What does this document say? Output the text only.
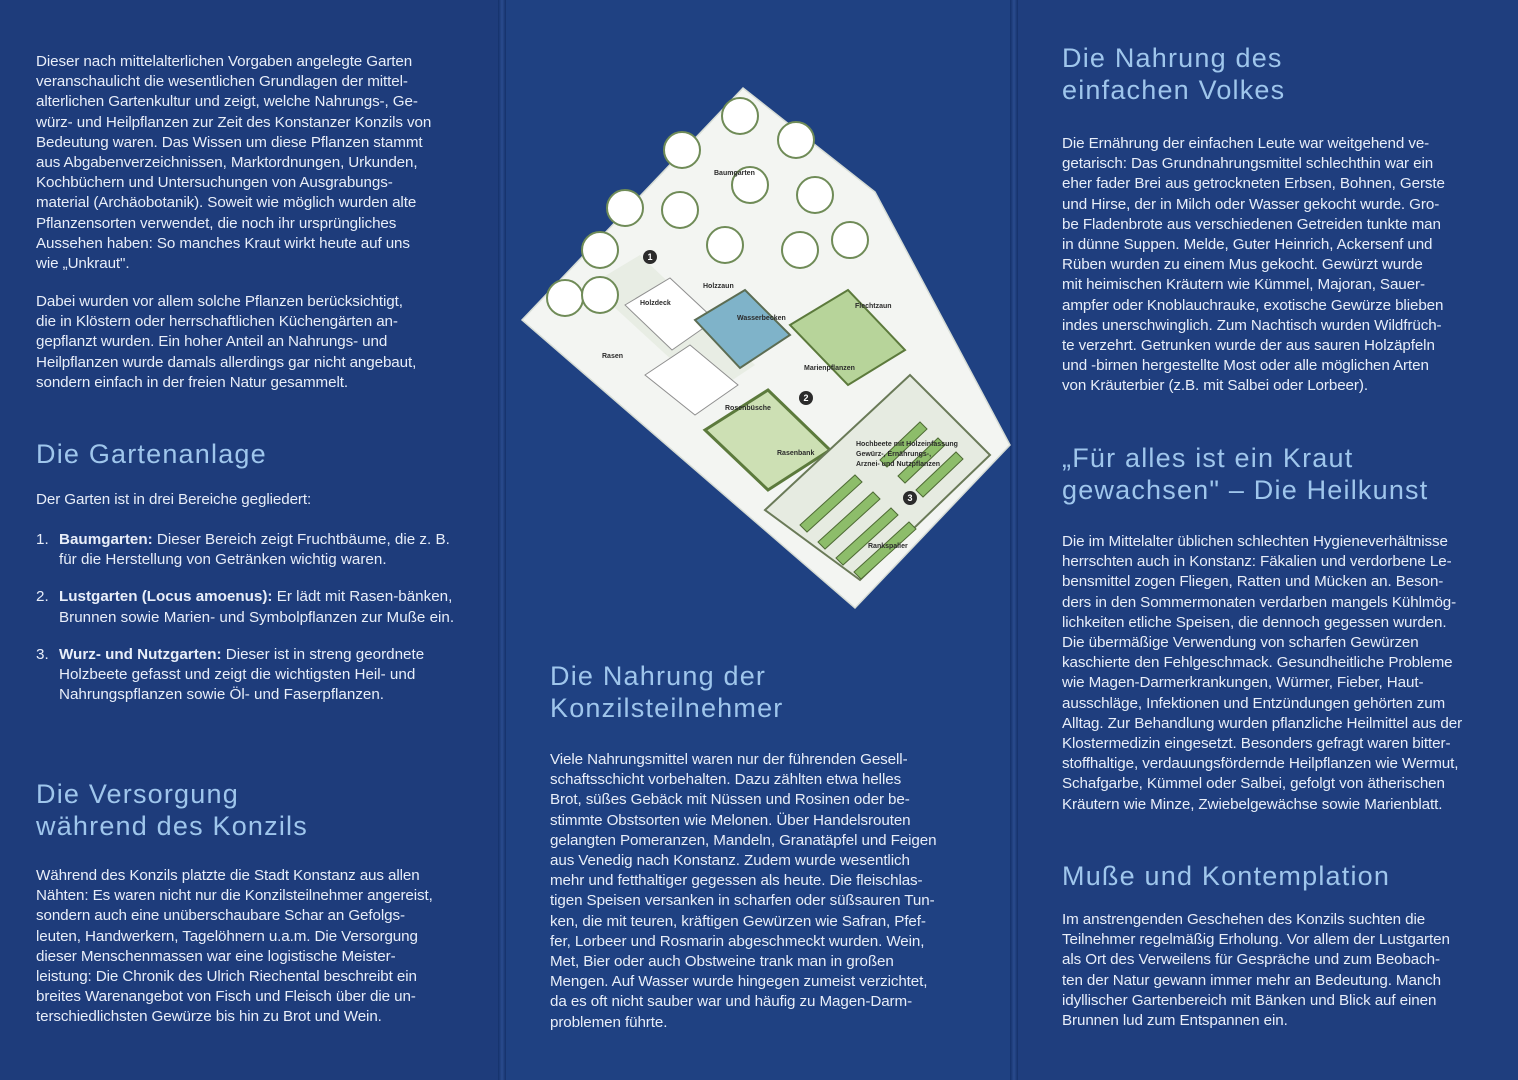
Dieser nach mittelalterlichen Vorgaben angelegte Garten
veranschaulicht die wesentlichen Grundlagen der mittel-
alterlichen Gartenkultur und zeigt, welche Nahrungs-, Ge-
würz- und Heilpflanzen zur Zeit des Konstanzer Konzils von
Bedeutung waren. Das Wissen um diese Pflanzen stammt
aus Abgabenverzeichnissen, Marktordnungen, Urkunden,
Kochbüchern und Untersuchungen von Ausgrabungs-
material (Archäobotanik). Soweit wie möglich wurden alte
Pflanzensorten verwendet, die noch ihr ursprüngliches
Aussehen haben: So manches Kraut wirkt heute auf uns
wie „Unkraut".

Dabei wurden vor allem solche Pflanzen berücksichtigt,
die in Klöstern oder herrschaftlichen Küchengärten an-
gepflanzt wurden. Ein hoher Anteil an Nahrungs- und
Heilpflanzen wurde damals allerdings gar nicht angebaut,
sondern einfach in der freien Natur gesammelt.

Die Gartenanlage

Der Garten ist in drei Bereiche gegliedert:

1. Baumgarten: Dieser Bereich zeigt Fruchtbäume, die z. B. für die Herstellung von Getränken wichtig waren.
2. Lustgarten (Locus amoenus): Er lädt mit Rasen-bänken, Brunnen sowie Marien- und Symbolpflanzen zur Muße ein.
3. Wurz- und Nutzgarten: Dieser ist in streng geordnete Holzbeete gefasst und zeigt die wichtigsten Heil- und Nahrungspflanzen sowie Öl- und Faserpflanzen.
Die Versorgung
während des Konzils

Während des Konzils platzte die Stadt Konstanz aus allen
Nähten: Es waren nicht nur die Konzilsteilnehmer angereist,
sondern auch eine unüberschaubare Schar an Gefolgs-
leuten, Handwerkern, Tagelöhnern u.a.m. Die Versorgung
dieser Menschenmassen war eine logistische Meister-
leistung: Die Chronik des Ulrich Riechental beschreibt ein
breites Warenangebot von Fisch und Fleisch über die un-
terschiedlichsten Gewürze bis hin zu Brot und Wein.

Baumgarten
Holzdeck
Holzzaun
Wasserbecken
Flechtzaun
Rasen
Marienpflanzen
Rosenbüsche
Rasenbank
Hochbeete mit Holzeinfassung
Gewürz-, Ernährungs-,
Arznei- und Nutzpflanzen
Rankspalier
1
2
3
Die Nahrung der
Konzilsteilnehmer

Viele Nahrungsmittel waren nur der führenden Gesell-
schaftsschicht vorbehalten. Dazu zählten etwa helles
Brot, süßes Gebäck mit Nüssen und Rosinen oder be-
stimmte Obstsorten wie Melonen. Über Handelsrouten
gelangten Pomeranzen, Mandeln, Granatäpfel und Feigen
aus Venedig nach Konstanz. Zudem wurde wesentlich
mehr und fetthaltiger gegessen als heute. Die fleischlas-
tigen Speisen versanken in scharfen oder süßsauren Tun-
ken, die mit teuren, kräftigen Gewürzen wie Safran, Pfef-
fer, Lorbeer und Rosmarin abgeschmeckt wurden. Wein,
Met, Bier oder auch Obstweine trank man in großen
Mengen. Auf Wasser wurde hingegen zumeist verzichtet,
da es oft nicht sauber war und häufig zu Magen-Darm-
problemen führte.

Die Nahrung des
einfachen Volkes

Die Ernährung der einfachen Leute war weitgehend ve-
getarisch: Das Grundnahrungsmittel schlechthin war ein
eher fader Brei aus getrockneten Erbsen, Bohnen, Gerste
und Hirse, der in Milch oder Wasser gekocht wurde. Gro-
be Fladenbrote aus verschiedenen Getreiden tunkte man
in dünne Suppen. Melde, Guter Heinrich, Ackersenf und
Rüben wurden zu einem Mus gekocht. Gewürzt wurde
mit heimischen Kräutern wie Kümmel, Majoran, Sauer-
ampfer oder Knoblauchrauke, exotische Gewürze blieben
indes unerschwinglich. Zum Nachtisch wurden Wildfrüch-
te verzehrt. Getrunken wurde der aus sauren Holzäpfeln
und -birnen hergestellte Most oder alle möglichen Arten
von Kräuterbier (z.B. mit Salbei oder Lorbeer).

„Für alles ist ein Kraut
gewachsen" – Die Heilkunst

Die im Mittelalter üblichen schlechten Hygieneverhältnisse
herrschten auch in Konstanz: Fäkalien und verdorbene Le-
bensmittel zogen Fliegen, Ratten und Mücken an. Beson-
ders in den Sommermonaten verdarben mangels Kühlmög-
lichkeiten etliche Speisen, die dennoch gegessen wurden.
Die übermäßige Verwendung von scharfen Gewürzen
kaschierte den Fehlgeschmack. Gesundheitliche Probleme
wie Magen-Darmerkrankungen, Würmer, Fieber, Haut-
ausschläge, Infektionen und Entzündungen gehörten zum
Alltag. Zur Behandlung wurden pflanzliche Heilmittel aus der
Klostermedizin eingesetzt. Besonders gefragt waren bitter-
stoffhaltige, verdauungsfördernde Heilpflanzen wie Wermut,
Schafgarbe, Kümmel oder Salbei, gefolgt von ätherischen
Kräutern wie Minze, Zwiebelgewächse sowie Marienblatt.

Muße und Kontemplation

Im anstrengenden Geschehen des Konzils suchten die
Teilnehmer regelmäßig Erholung. Vor allem der Lustgarten
als Ort des Verweilens für Gespräche und zum Beobach-
ten der Natur gewann immer mehr an Bedeutung. Manch
idyllischer Gartenbereich mit Bänken und Blick auf einen
Brunnen lud zum Entspannen ein.
